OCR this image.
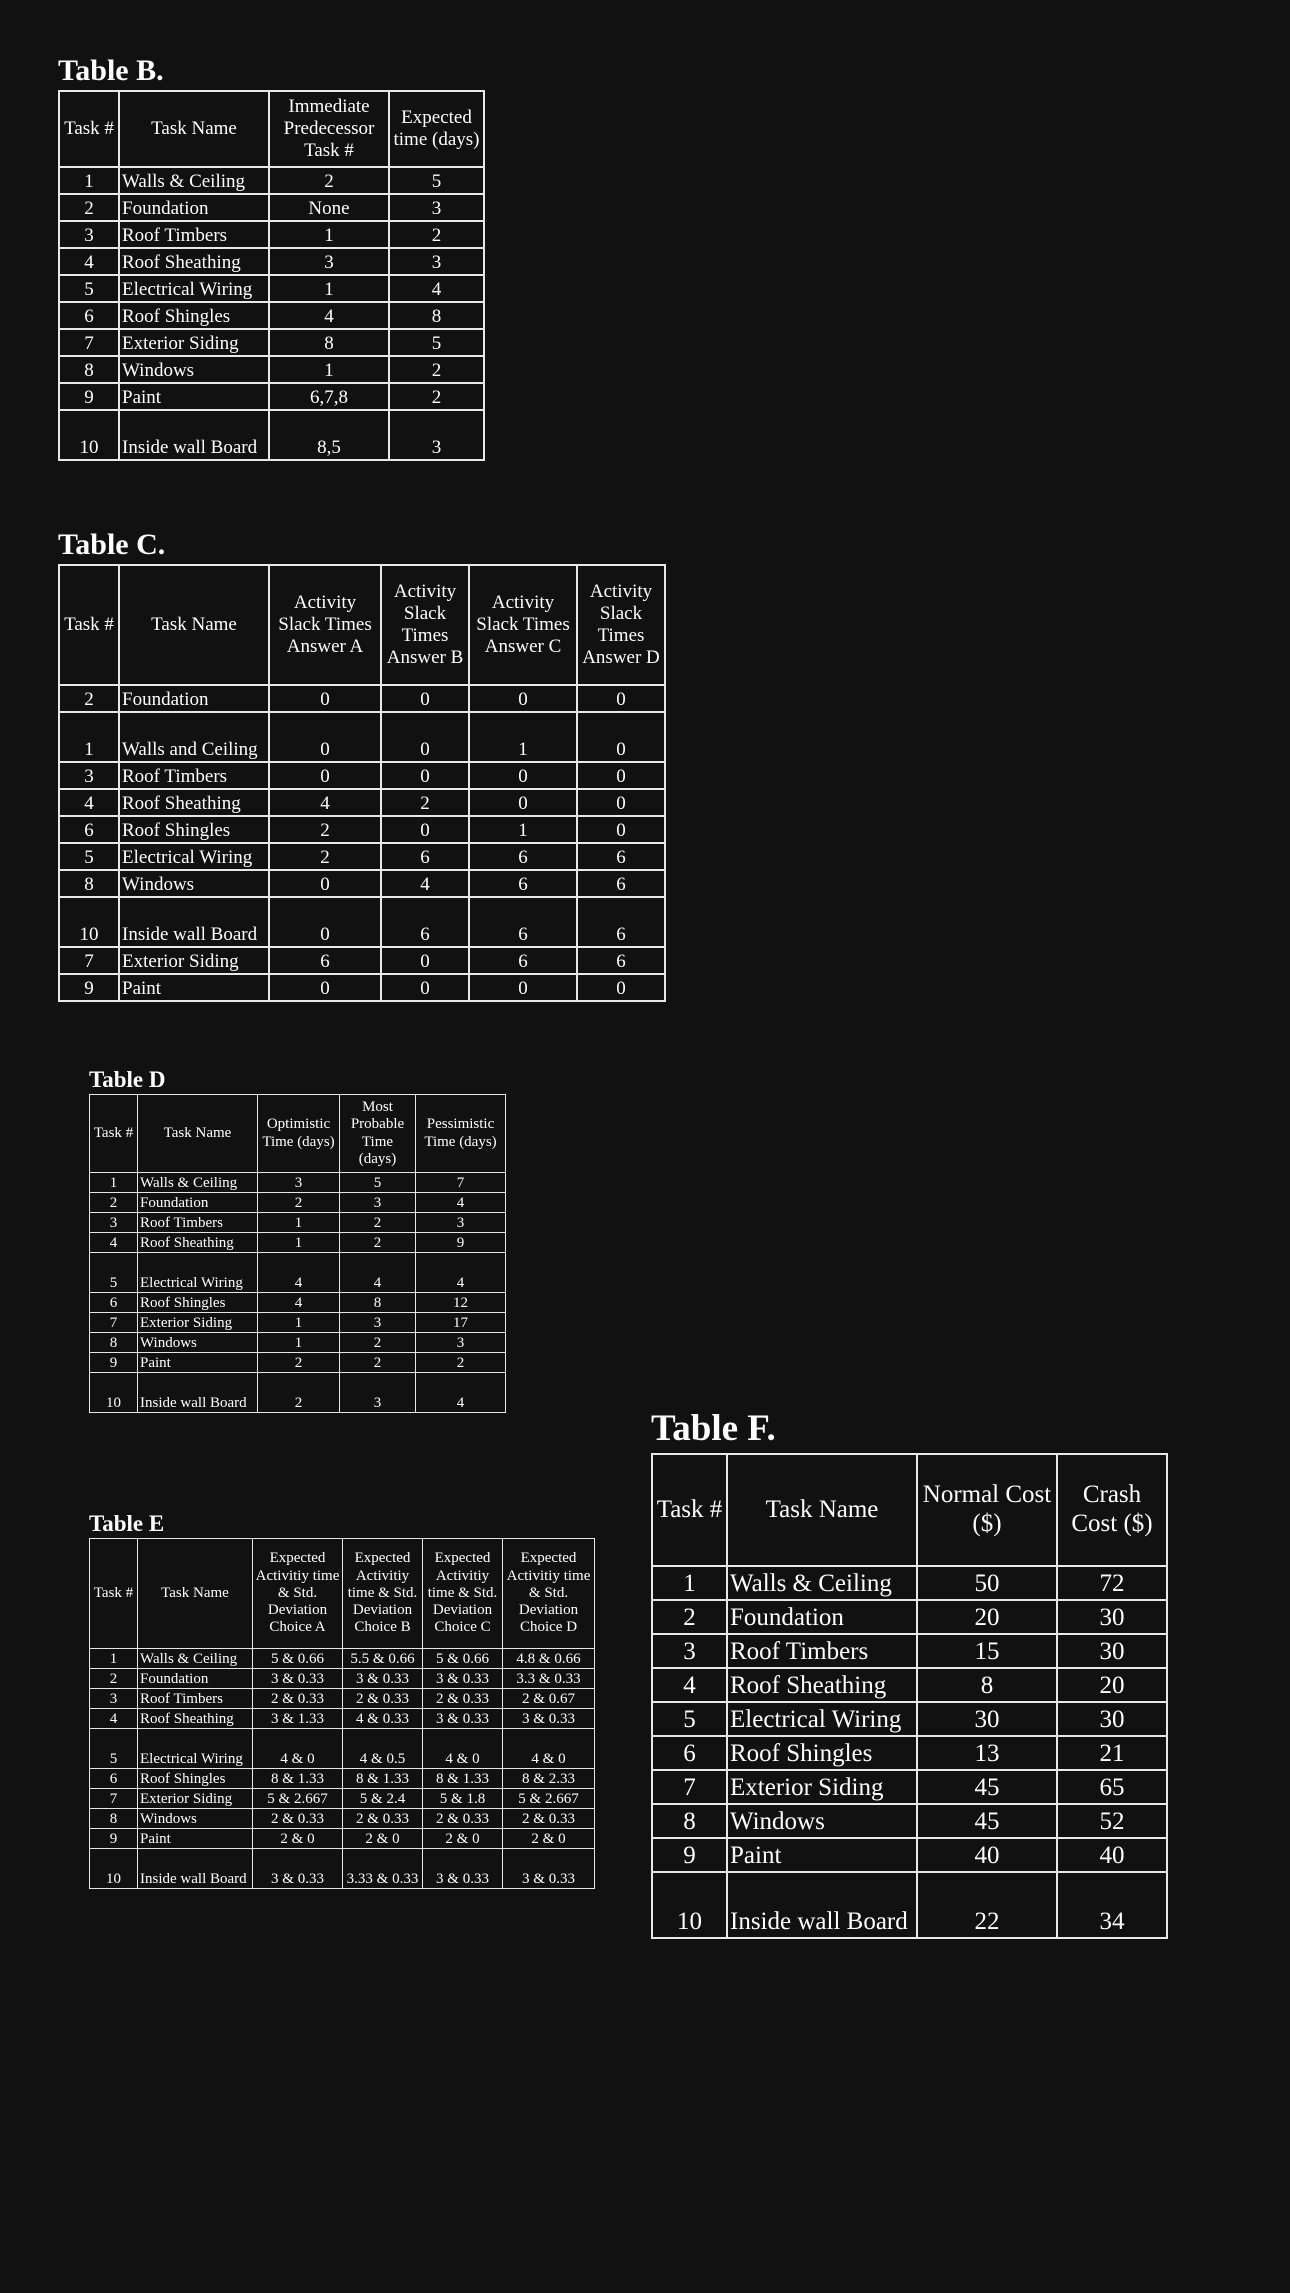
Table B.
Task #	Task Name	Immediate Predecessor Task #	Expected time (days)
1	Walls & Ceiling	2	5
2	Foundation	None	3
3	Roof Timbers	1	2
4	Roof Sheathing	3	3
5	Electrical Wiring	1	4
6	Roof Shingles	4	8
7	Exterior Siding	8	5
8	Windows	1	2
9	Paint	6,7,8	2
10	Inside wall Board	8,5	3
Table C.
Task #	Task Name	Activity Slack Times Answer A	Activity Slack Times Answer B	Activity Slack Times Answer C	Activity Slack Times Answer D
2	Foundation	0	0	0	0
1	Walls and Ceiling	0	0	1	0
3	Roof Timbers	0	0	0	0
4	Roof Sheathing	4	2	0	0
6	Roof Shingles	2	0	1	0
5	Electrical Wiring	2	6	6	6
8	Windows	0	4	6	6
10	Inside wall Board	0	6	6	6
7	Exterior Siding	6	0	6	6
9	Paint	0	0	0	0
Table D
Task #	Task Name	Optimistic Time (days)	Most Probable Time (days)	Pessimistic Time (days)
1	Walls & Ceiling	3	5	7
2	Foundation	2	3	4
3	Roof Timbers	1	2	3
4	Roof Sheathing	1	2	9
5	Electrical Wiring	4	4	4
6	Roof Shingles	4	8	12
7	Exterior Siding	1	3	17
8	Windows	1	2	3
9	Paint	2	2	2
10	Inside wall Board	2	3	4
Table E
Task #	Task Name	Expected Activitiy time & Std. Deviation Choice A	Expected Activitiy time & Std. Deviation Choice B	Expected Activitiy time & Std. Deviation Choice C	Expected Activitiy time & Std. Deviation Choice D
1	Walls & Ceiling	5 & 0.66	5.5 & 0.66	5 & 0.66	4.8 & 0.66
2	Foundation	3 & 0.33	3 & 0.33	3 & 0.33	3.3 & 0.33
3	Roof Timbers	2 & 0.33	2 & 0.33	2 & 0.33	2 & 0.67
4	Roof Sheathing	3 & 1.33	4 & 0.33	3 & 0.33	3 & 0.33
5	Electrical Wiring	4 & 0	4 & 0.5	4 & 0	4 & 0
6	Roof Shingles	8 & 1.33	8 & 1.33	8 & 1.33	8 & 2.33
7	Exterior Siding	5 & 2.667	5 & 2.4	5 & 1.8	5 & 2.667
8	Windows	2 & 0.33	2 & 0.33	2 & 0.33	2 & 0.33
9	Paint	2 & 0	2 & 0	2 & 0	2 & 0
10	Inside wall Board	3 & 0.33	3.33 & 0.33	3 & 0.33	3 & 0.33
Table F.
Task #	Task Name	Normal Cost ($)	Crash Cost ($)
1	Walls & Ceiling	50	72
2	Foundation	20	30
3	Roof Timbers	15	30
4	Roof Sheathing	8	20
5	Electrical Wiring	30	30
6	Roof Shingles	13	21
7	Exterior Siding	45	65
8	Windows	45	52
9	Paint	40	40
10	Inside wall Board	22	34
